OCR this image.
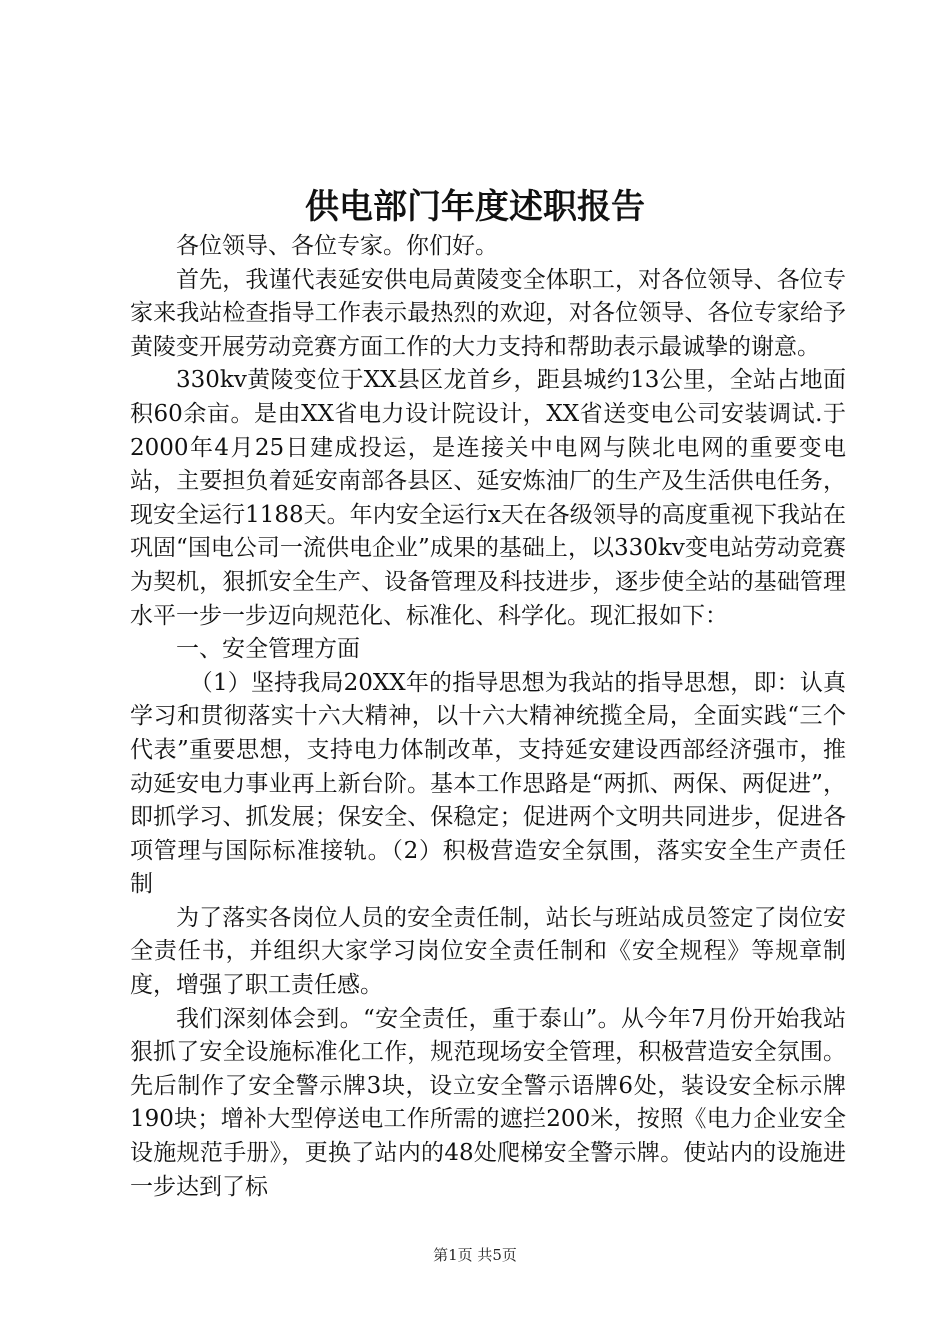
供电部门年度述职报告

各位领导、各位专家。你们好。

首先，我谨代表延安供电局黄陵变全体职工，对各位领导、各位专家来我站检查指导工作表示最热烈的欢迎，对各位领导、各位专家给予黄陵变开展劳动竞赛方面工作的大力支持和帮助表示最诚挚的谢意。

330kv黄陵变位于XX县区龙首乡，距县城约13公里，全站占地面积60余亩。是由XX省电力设计院设计，XX省送变电公司安装调试.于2000年4月25日建成投运，是连接关中电网与陕北电网的重要变电站，主要担负着延安南部各县区、延安炼油厂的生产及生活供电任务，现安全运行1188天。年内安全运行x天在各级领导的高度重视下我站在巩固“国电公司一流供电企业”成果的基础上，以330kv变电站劳动竞赛为契机，狠抓安全生产、设备管理及科技进步，逐步使全站的基础管理水平一步一步迈向规范化、标准化、科学化。现汇报如下：

一、安全管理方面

（1）坚持我局20XX年的指导思想为我站的指导思想，即：认真学习和贯彻落实十六大精神，以十六大精神统揽全局，全面实践“三个代表”重要思想，支持电力体制改革，支持延安建设西部经济强市，推动延安电力事业再上新台阶。基本工作思路是“两抓、两保、两促进”，即抓学习、抓发展；保安全、保稳定；促进两个文明共同进步，促进各项管理与国际标准接轨。（2）积极营造安全氛围，落实安全生产责任制

为了落实各岗位人员的安全责任制，站长与班站成员签定了岗位安全责任书，并组织大家学习岗位安全责任制和《安全规程》等规章制度，增强了职工责任感。

我们深刻体会到。“安全责任，重于泰山”。从今年7月份开始我站狠抓了安全设施标准化工作，规范现场安全管理，积极营造安全氛围。先后制作了安全警示牌3块，设立安全警示语牌6处，装设安全标示牌190块；增补大型停送电工作所需的遮拦200米，按照《电力企业安全设施规范手册》，更换了站内的48处爬梯安全警示牌。使站内的设施进一步达到了标

第1页 共5页
